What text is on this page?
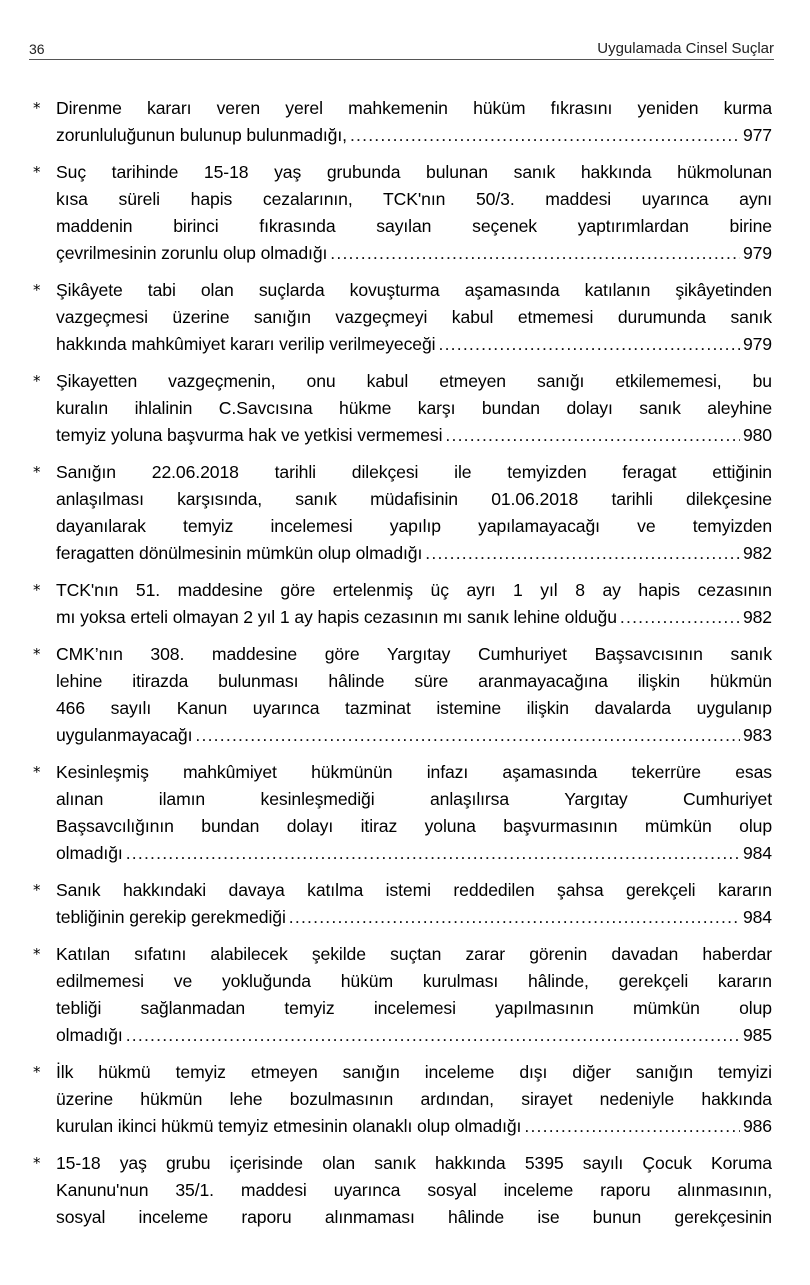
36	Uygulamada Cinsel Suçlar
* Direnme kararı veren yerel mahkemenin hüküm fıkrasını yeniden kurma
zorunluluğunun bulunup bulunmadığı, .....	977
* Suç tarihinde 15-18 yaş grubunda bulunan sanık hakkında hükmolunan
kısa süreli hapis cezalarının, TCK'nın 50/3. maddesi uyarınca aynı
maddenin birinci fıkrasında sayılan seçenek yaptırımlardan birine
çevrilmesinin zorunlu olup olmadığı .....	979
* Şikâyete tabi olan suçlarda kovuşturma aşamasında katılanın şikâyetinden
vazgeçmesi üzerine sanığın vazgeçmeyi kabul etmemesi durumunda sanık
hakkında mahkûmiyet kararı verilip verilmeyeceği .....	979
* Şikayetten vazgeçmenin, onu kabul etmeyen sanığı etkilememesi, bu
kuralın ihlalinin C.Savcısına hükme karşı bundan dolayı sanık aleyhine
temyiz yoluna başvurma hak ve yetkisi vermemesi .....	980
* Sanığın 22.06.2018 tarihli dilekçesi ile temyizden feragat ettiğinin
anlaşılması karşısında, sanık müdafisinin 01.06.2018 tarihli dilekçesine
dayanılarak temyiz incelemesi yapılıp yapılamayacağı ve temyizden
feragatten dönülmesinin mümkün olup olmadığı .....	982
* TCK'nın 51. maddesine göre ertelenmiş üç ayrı 1 yıl 8 ay hapis cezasının
mı yoksa erteli olmayan 2 yıl 1 ay hapis cezasının mı sanık lehine olduğu .....	982
* CMK’nın 308. maddesine göre Yargıtay Cumhuriyet Başsavcısının sanık
lehine itirazda bulunması hâlinde süre aranmayacağına ilişkin hükmün
466 sayılı Kanun uyarınca tazminat istemine ilişkin davalarda uygulanıp
uygulanmayacağı .....	983
* Kesinleşmiş mahkûmiyet hükmünün infazı aşamasında tekerrüre esas
alınan ilamın kesinleşmediği anlaşılırsa Yargıtay Cumhuriyet
Başsavcılığının bundan dolayı itiraz yoluna başvurmasının mümkün olup
olmadığı .....	984
* Sanık hakkındaki davaya katılma istemi reddedilen şahsa gerekçeli kararın
tebliğinin gerekip gerekmediği .....	984
* Katılan sıfatını alabilecek şekilde suçtan zarar görenin davadan haberdar
edilmemesi ve yokluğunda hüküm kurulması hâlinde, gerekçeli kararın
tebliği sağlanmadan temyiz incelemesi yapılmasının mümkün olup
olmadığı .....	985
* İlk hükmü temyiz etmeyen sanığın inceleme dışı diğer sanığın temyizi
üzerine hükmün lehe bozulmasının ardından, sirayet nedeniyle hakkında
kurulan ikinci hükmü temyiz etmesinin olanaklı olup olmadığı .....	986
* 15-18 yaş grubu içerisinde olan sanık hakkında 5395 sayılı Çocuk Koruma
Kanunu'nun 35/1. maddesi uyarınca sosyal inceleme raporu alınmasının,
sosyal inceleme raporu alınmaması hâlinde ise bunun gerekçesinin
